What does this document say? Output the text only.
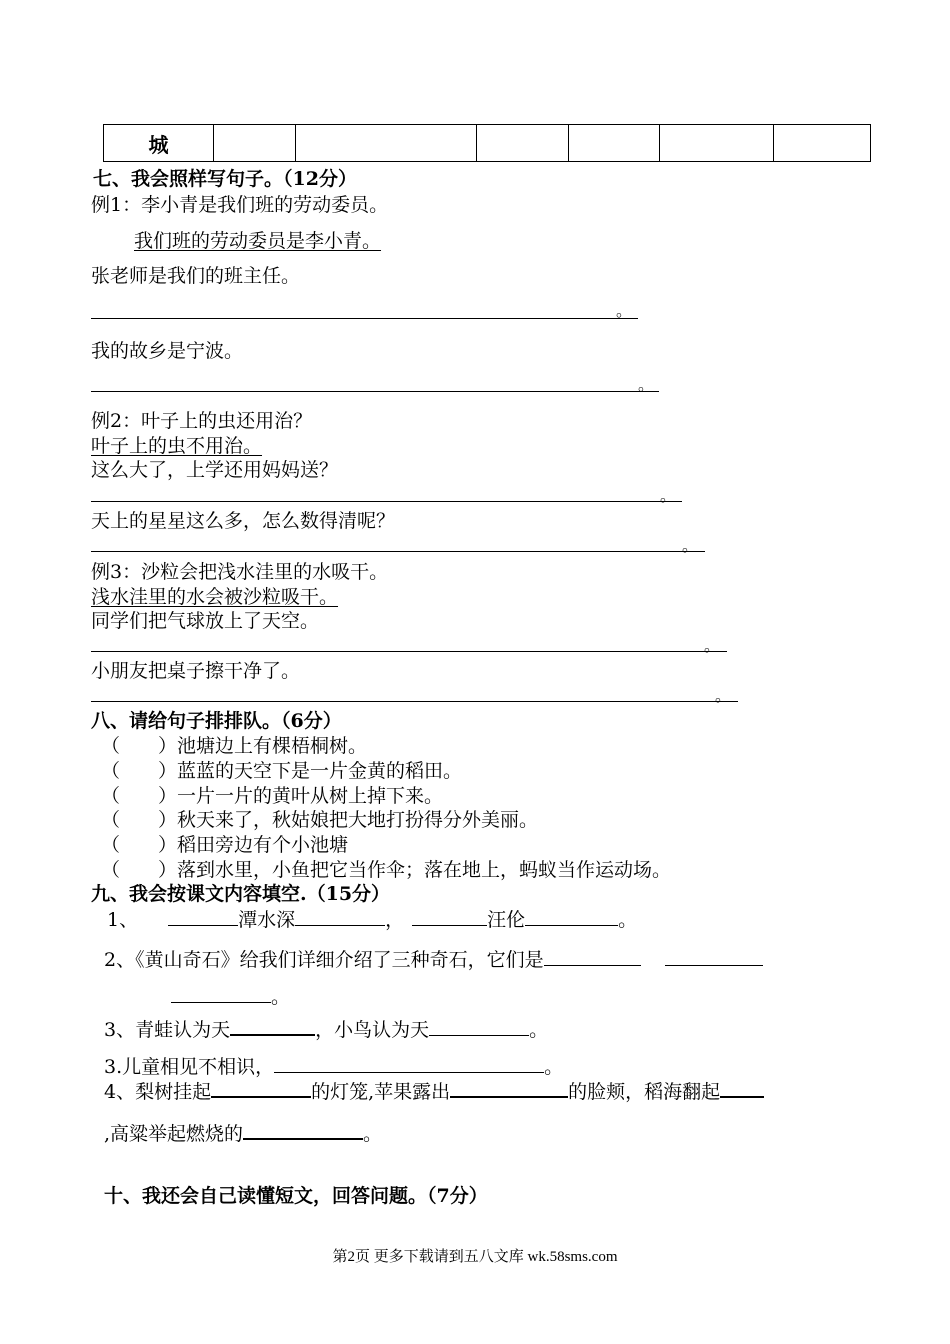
城						
七、我会照样写句子。（12分）
例1：李小青是我们班的劳动委员。
我们班的劳动委员是李小青。
张老师是我们的班主任。
。
我的故乡是宁波。
。
例2：叶子上的虫还用治？
叶子上的虫不用治。
这么大了，上学还用妈妈送？
。
天上的星星这么多，怎么数得清呢？
。
例3：沙粒会把浅水洼里的水吸干。
浅水洼里的水会被沙粒吸干。
同学们把气球放上了天空。
。
小朋友把桌子擦干净了。
。
八、请给句子排排队。（6分）
（　　）池塘边上有棵梧桐树。
（　　）蓝蓝的天空下是一片金黄的稻田。
（　　）一片一片的黄叶从树上掉下来。
（　　）秋天来了，秋姑娘把大地打扮得分外美丽。
（　　）稻田旁边有个小池塘
（　　）落到水里，小鱼把它当作伞；落在地上，蚂蚁当作运动场。
九、我会按课文内容填空.（15分）
1、	潭水深	，	汪伦	。
2、《黄山奇石》给我们详细介绍了三种奇石，它们是
。
3、青蛙认为天	，小鸟认为天	。
3.儿童相见不相识，	。
4、梨树挂起	的灯笼,苹果露出	的脸颊，稻海翻起
,高粱举起燃烧的	。
十、我还会自己读懂短文，回答问题。（7分）
第2页 更多下载请到五八文库 wk.58sms.com
